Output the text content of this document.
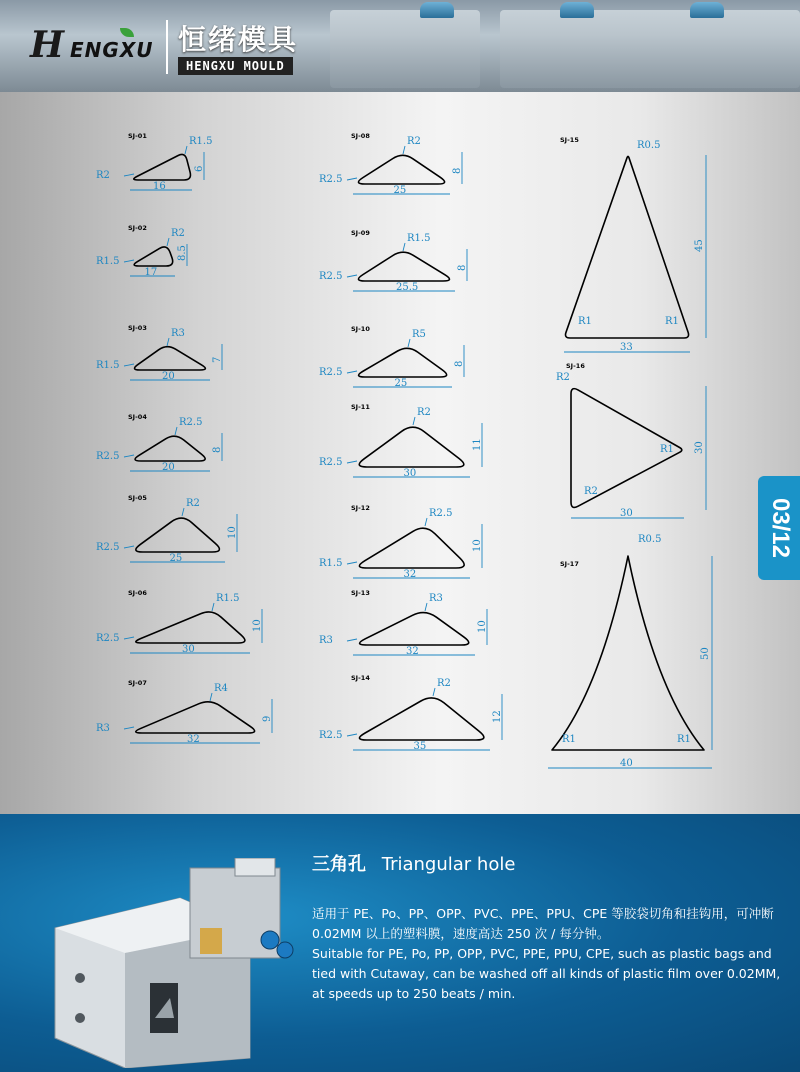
H ENGXU 恒绪模具
HENGXU MOULD
SJ-01	R1.5
R2
6
16
SJ-02 R2
R1.5
8.5
17
SJ-03 R3
R1.5
7
20
SJ-04	R2.5
R2.5
8
20
SJ-05	R2
R2.5
10
25
SJ-06	R1.5
R2.5
10
30
SJ-07	R4
R3
9
32
SJ-08	R2
R2.5
8
25
SJ-09	R1.5
R2.5
8
25.5
SJ-10	R5
R2.5
8
25
SJ-11	R2
R2.5
11
30
SJ-12	R2.5
R1.5
10
32
SJ-13	R3
R3
10
32
SJ-14	R2
R2.5
12
35
SJ-15	R0.5
R1	R1
45
33
SJ-16
R2
R1
R2
30
30
SJ-17
R0.5
R1	R1
50
40
03/12
三角孔 Triangular hole

适用于 PE、Po、PP、OPP、PVC、PPE、PPU、CPE 等胶袋切角和挂钩用，可冲断 0.02MM 以上的塑料膜，速度高达 250 次 / 每分钟。

Suitable for PE, Po, PP, OPP, PVC, PPE, PPU, CPE, such as plastic bags and tied with Cutaway, can be washed off all kinds of plastic film over 0.02MM, at speeds up to 250 beats / min.
